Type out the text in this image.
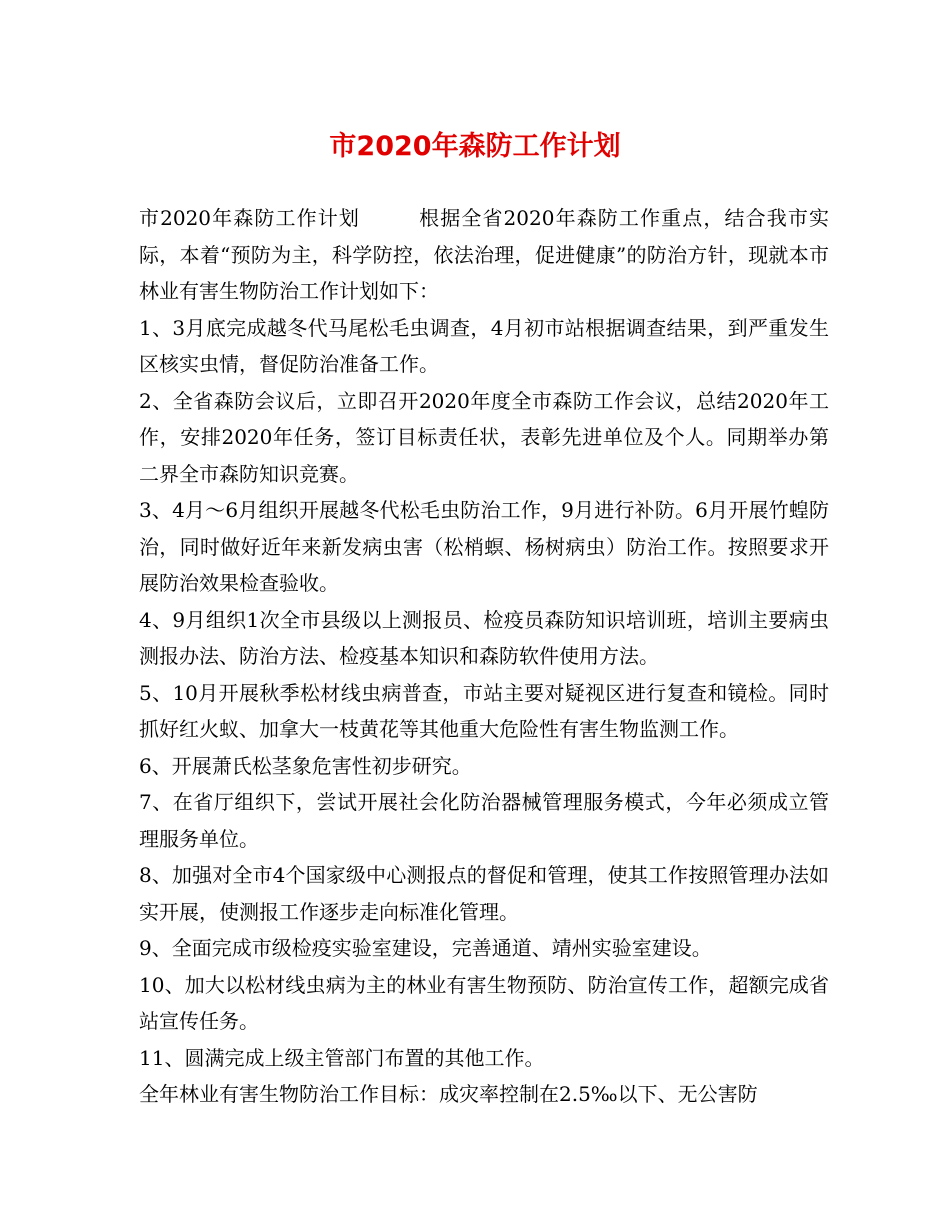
市2020年森防工作计划

市2020年森防工作计划	根据全省2020年森防工作重点，结合我市实际，本着“预防为主，科学防控，依法治理，促进健康”的防治方针，现就本市林业有害生物防治工作计划如下：

1、3月底完成越冬代马尾松毛虫调查，4月初市站根据调查结果，到严重发生区核实虫情，督促防治准备工作。

2、全省森防会议后，立即召开2020年度全市森防工作会议，总结2020年工作，安排2020年任务，签订目标责任状，表彰先进单位及个人。同期举办第二界全市森防知识竞赛。

3、4月～6月组织开展越冬代松毛虫防治工作，9月进行补防。6月开展竹蝗防治，同时做好近年来新发病虫害（松梢螟、杨树病虫）防治工作。按照要求开展防治效果检查验收。

4、9月组织1次全市县级以上测报员、检疫员森防知识培训班，培训主要病虫测报办法、防治方法、检疫基本知识和森防软件使用方法。

5、10月开展秋季松材线虫病普查，市站主要对疑视区进行复查和镜检。同时抓好红火蚁、加拿大一枝黄花等其他重大危险性有害生物监测工作。

6、开展萧氏松茎象危害性初步研究。

7、在省厅组织下，尝试开展社会化防治器械管理服务模式，今年必须成立管理服务单位。

8、加强对全市4个国家级中心测报点的督促和管理，使其工作按照管理办法如实开展，使测报工作逐步走向标准化管理。

9、全面完成市级检疫实验室建设，完善通道、靖州实验室建设。

10、加大以松材线虫病为主的林业有害生物预防、防治宣传工作，超额完成省站宣传任务。

11、圆满完成上级主管部门布置的其他工作。

全年林业有害生物防治工作目标：成灾率控制在2.5‰以下、无公害防
